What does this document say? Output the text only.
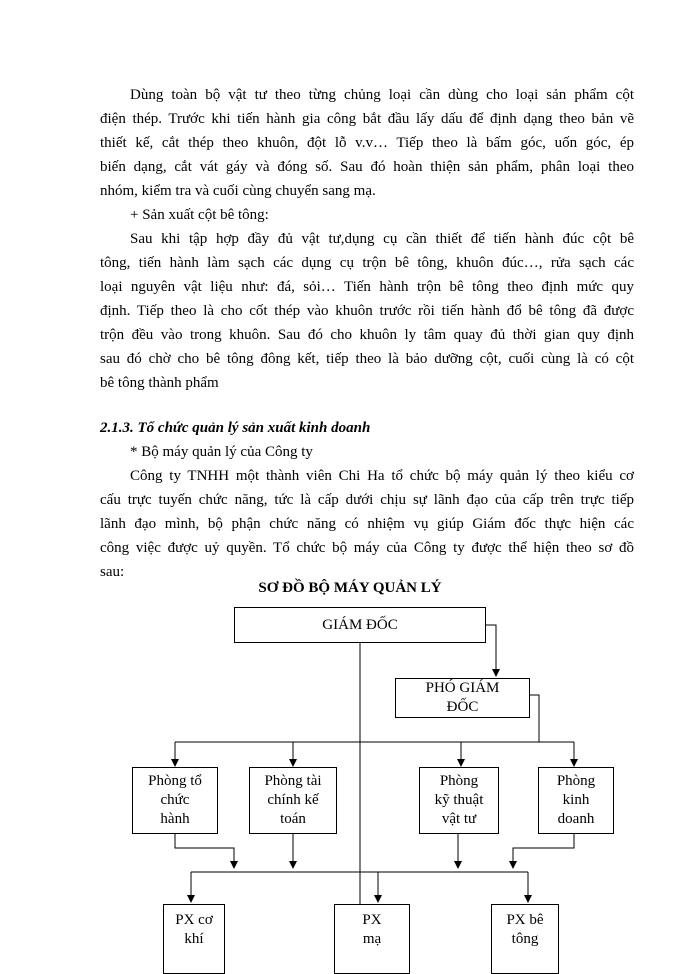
Dùng toàn bộ vật tư theo từng chủng loại cần dùng cho loại sản phẩm cột
điện thép. Trước khi tiến hành gia công bắt đầu lấy dấu để định dạng theo bản vẽ
thiết kế, cắt thép theo khuôn, đột lỗ v.v… Tiếp theo là bấm góc, uốn góc, ép
biến dạng, cắt vát gáy và đóng số. Sau đó hoàn thiện sản phẩm, phân loại theo
nhóm, kiểm tra và cuối cùng chuyển sang mạ.
+ Sản xuất cột bê tông:
Sau khi tập hợp đầy đủ vật tư,dụng cụ cần thiết để tiến hành đúc cột bê
tông, tiến hành làm sạch các dụng cụ trộn bê tông, khuôn đúc…, rửa sạch các
loại nguyên vật liệu như: đá, sỏi… Tiến hành trộn bê tông theo định mức quy
định. Tiếp theo là cho cốt thép vào khuôn trước rồi tiến hành đổ bê tông đã được
trộn đều vào trong khuôn. Sau đó cho khuôn ly tâm quay đủ thời gian quy định
sau đó chờ cho bê tông đông kết, tiếp theo là bảo dưỡng cột, cuối cùng là có cột
bê tông thành phẩm
2.1.3. Tổ chức quản lý sản xuất kinh doanh
* Bộ máy quản lý của Công ty
Công ty TNHH một thành viên Chi Ha tổ chức bộ máy quản lý theo kiểu cơ
cấu trực tuyến chức năng, tức là cấp dưới chịu sự lãnh đạo của cấp trên trực tiếp
lãnh đạo mình, bộ phận chức năng có nhiệm vụ giúp Giám đốc thực hiện các
công việc được uỷ quyền. Tổ chức bộ máy của Công ty được thể hiện theo sơ đồ
sau:
SƠ ĐỒ BỘ MÁY QUẢN LÝ
GIÁM ĐỐC
PHÓ GIÁM
ĐỐC
Phòng tổ
chức
hành
Phòng tài
chính kế
toán
Phòng
kỹ thuật
vật tư
Phòng
kinh
doanh
PX cơ
khí
PX
mạ
PX bê
tông
